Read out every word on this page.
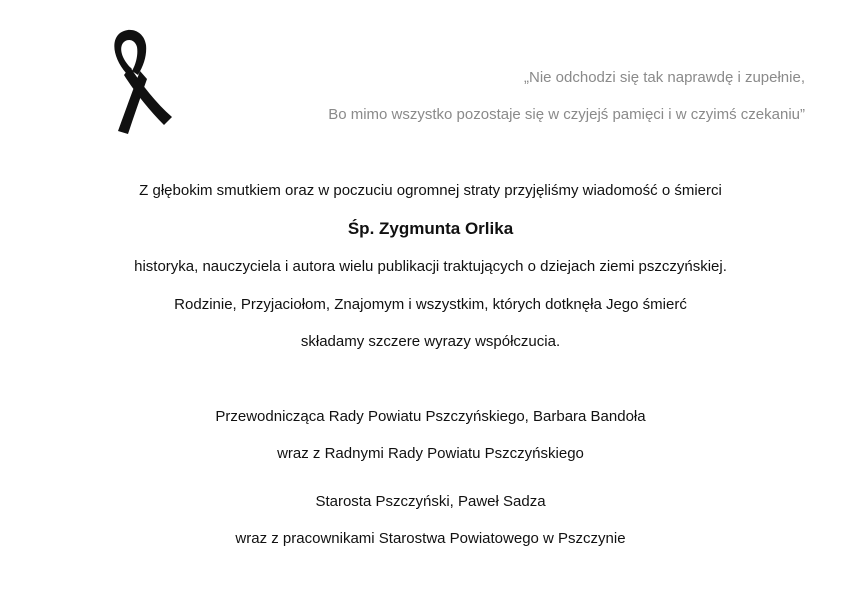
„Nie odchodzi się tak naprawdę i zupełnie,
Bo mimo wszystko pozostaje się w czyjejś pamięci i w czyimś czekaniu”
Z głębokim smutkiem oraz w poczuciu ogromnej straty przyjęliśmy wiadomość o śmierci
Śp. Zygmunta Orlika
historyka, nauczyciela i autora wielu publikacji traktujących o dziejach ziemi pszczyńskiej.
Rodzinie, Przyjaciołom, Znajomym i wszystkim, których dotknęła Jego śmierć
składamy szczere wyrazy współczucia.
Przewodnicząca Rady Powiatu Pszczyńskiego, Barbara Bandoła
wraz z Radnymi Rady Powiatu Pszczyńskiego
Starosta Pszczyński, Paweł Sadza
wraz z pracownikami Starostwa Powiatowego w Pszczynie
